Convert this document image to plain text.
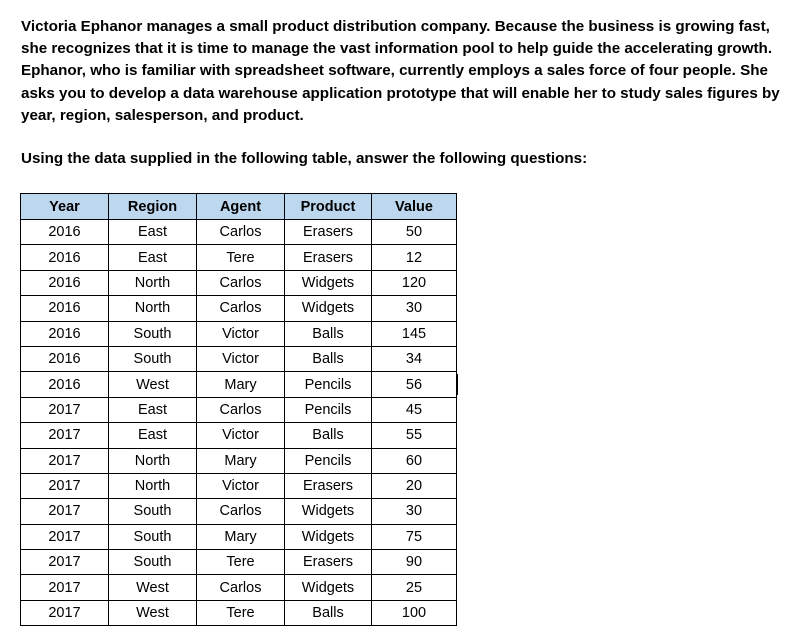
Victoria Ephanor manages a small product distribution company. Because the business is growing fast, she recognizes that it is time to manage the vast information pool to help guide the accelerating growth. Ephanor, who is familiar with spreadsheet software, currently employs a sales force of four people. She asks you to develop a data warehouse application prototype that will enable her to study sales figures by year, region, salesperson, and product.

Using the data supplied in the following table, answer the following questions:

Year	Region	Agent	Product	Value
2016	East	Carlos	Erasers	50
2016	East	Tere	Erasers	12
2016	North	Carlos	Widgets	120
2016	North	Carlos	Widgets	30
2016	South	Victor	Balls	145
2016	South	Victor	Balls	34
2016	West	Mary	Pencils	56
2017	East	Carlos	Pencils	45
2017	East	Victor	Balls	55
2017	North	Mary	Pencils	60
2017	North	Victor	Erasers	20
2017	South	Carlos	Widgets	30
2017	South	Mary	Widgets	75
2017	South	Tere	Erasers	90
2017	West	Carlos	Widgets	25
2017	West	Tere	Balls	100
